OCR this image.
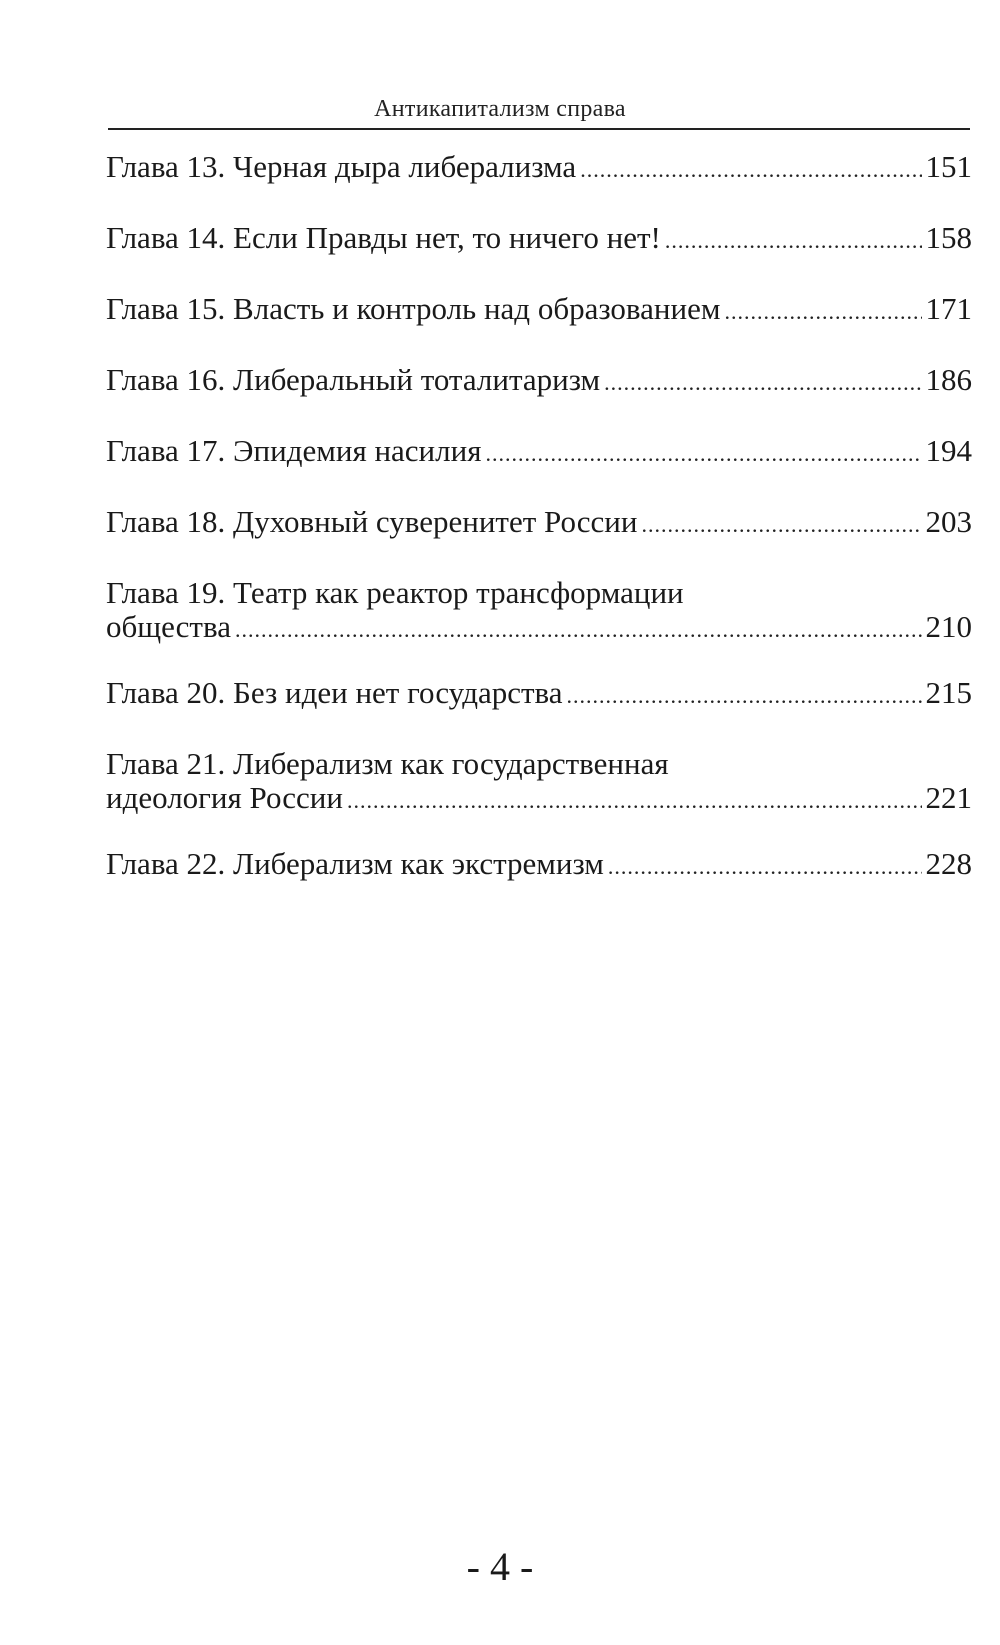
Антикапитализм справа
Глава 13. Черная дыра либерализма .....	151
Глава 14. Если Правды нет, то ничего нет! .....	158
Глава 15. Власть и контроль над образованием .....	171
Глава 16. Либеральный тоталитаризм .....	186
Глава 17. Эпидемия насилия .....	194
Глава 18. Духовный суверенитет России .....	203
Глава 19. Театр как реактор трансформации
общества .....	210
Глава 20. Без идеи нет государства .....	215
Глава 21. Либерализм как государственная
идеология России .....	221
Глава 22. Либерализм как экстремизм .....	228
- 4 -
